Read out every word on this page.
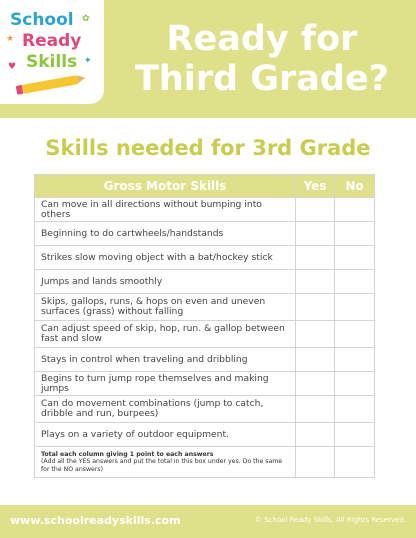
School
Ready
Skills
★
✿
✦
♥
Ready for
Third Grade?
Skills needed for 3rd Grade
Gross Motor Skills	Yes	No
Can move in all directions without bumping into others		
Beginning to do cartwheels/handstands		
Strikes slow moving object with a bat/hockey stick		
Jumps and lands smoothly		
Skips, gallops, runs, & hops on even and uneven surfaces (grass) without falling		
Can adjust speed of skip, hop, run. & gallop between fast and slow		
Stays in control when traveling and dribbling		
Begins to turn jump rope themselves and making jumps		
Can do movement combinations (jump to catch, dribble and run, burpees)		
Plays on a variety of outdoor equipment.		

Total each column giving 1 point to each answers
(Add all the YES answers and put the total in this box under yes. Do the same for the NO answers)		

www.schoolreadyskills.com	© School Ready Skills. All Rights Reserved.
